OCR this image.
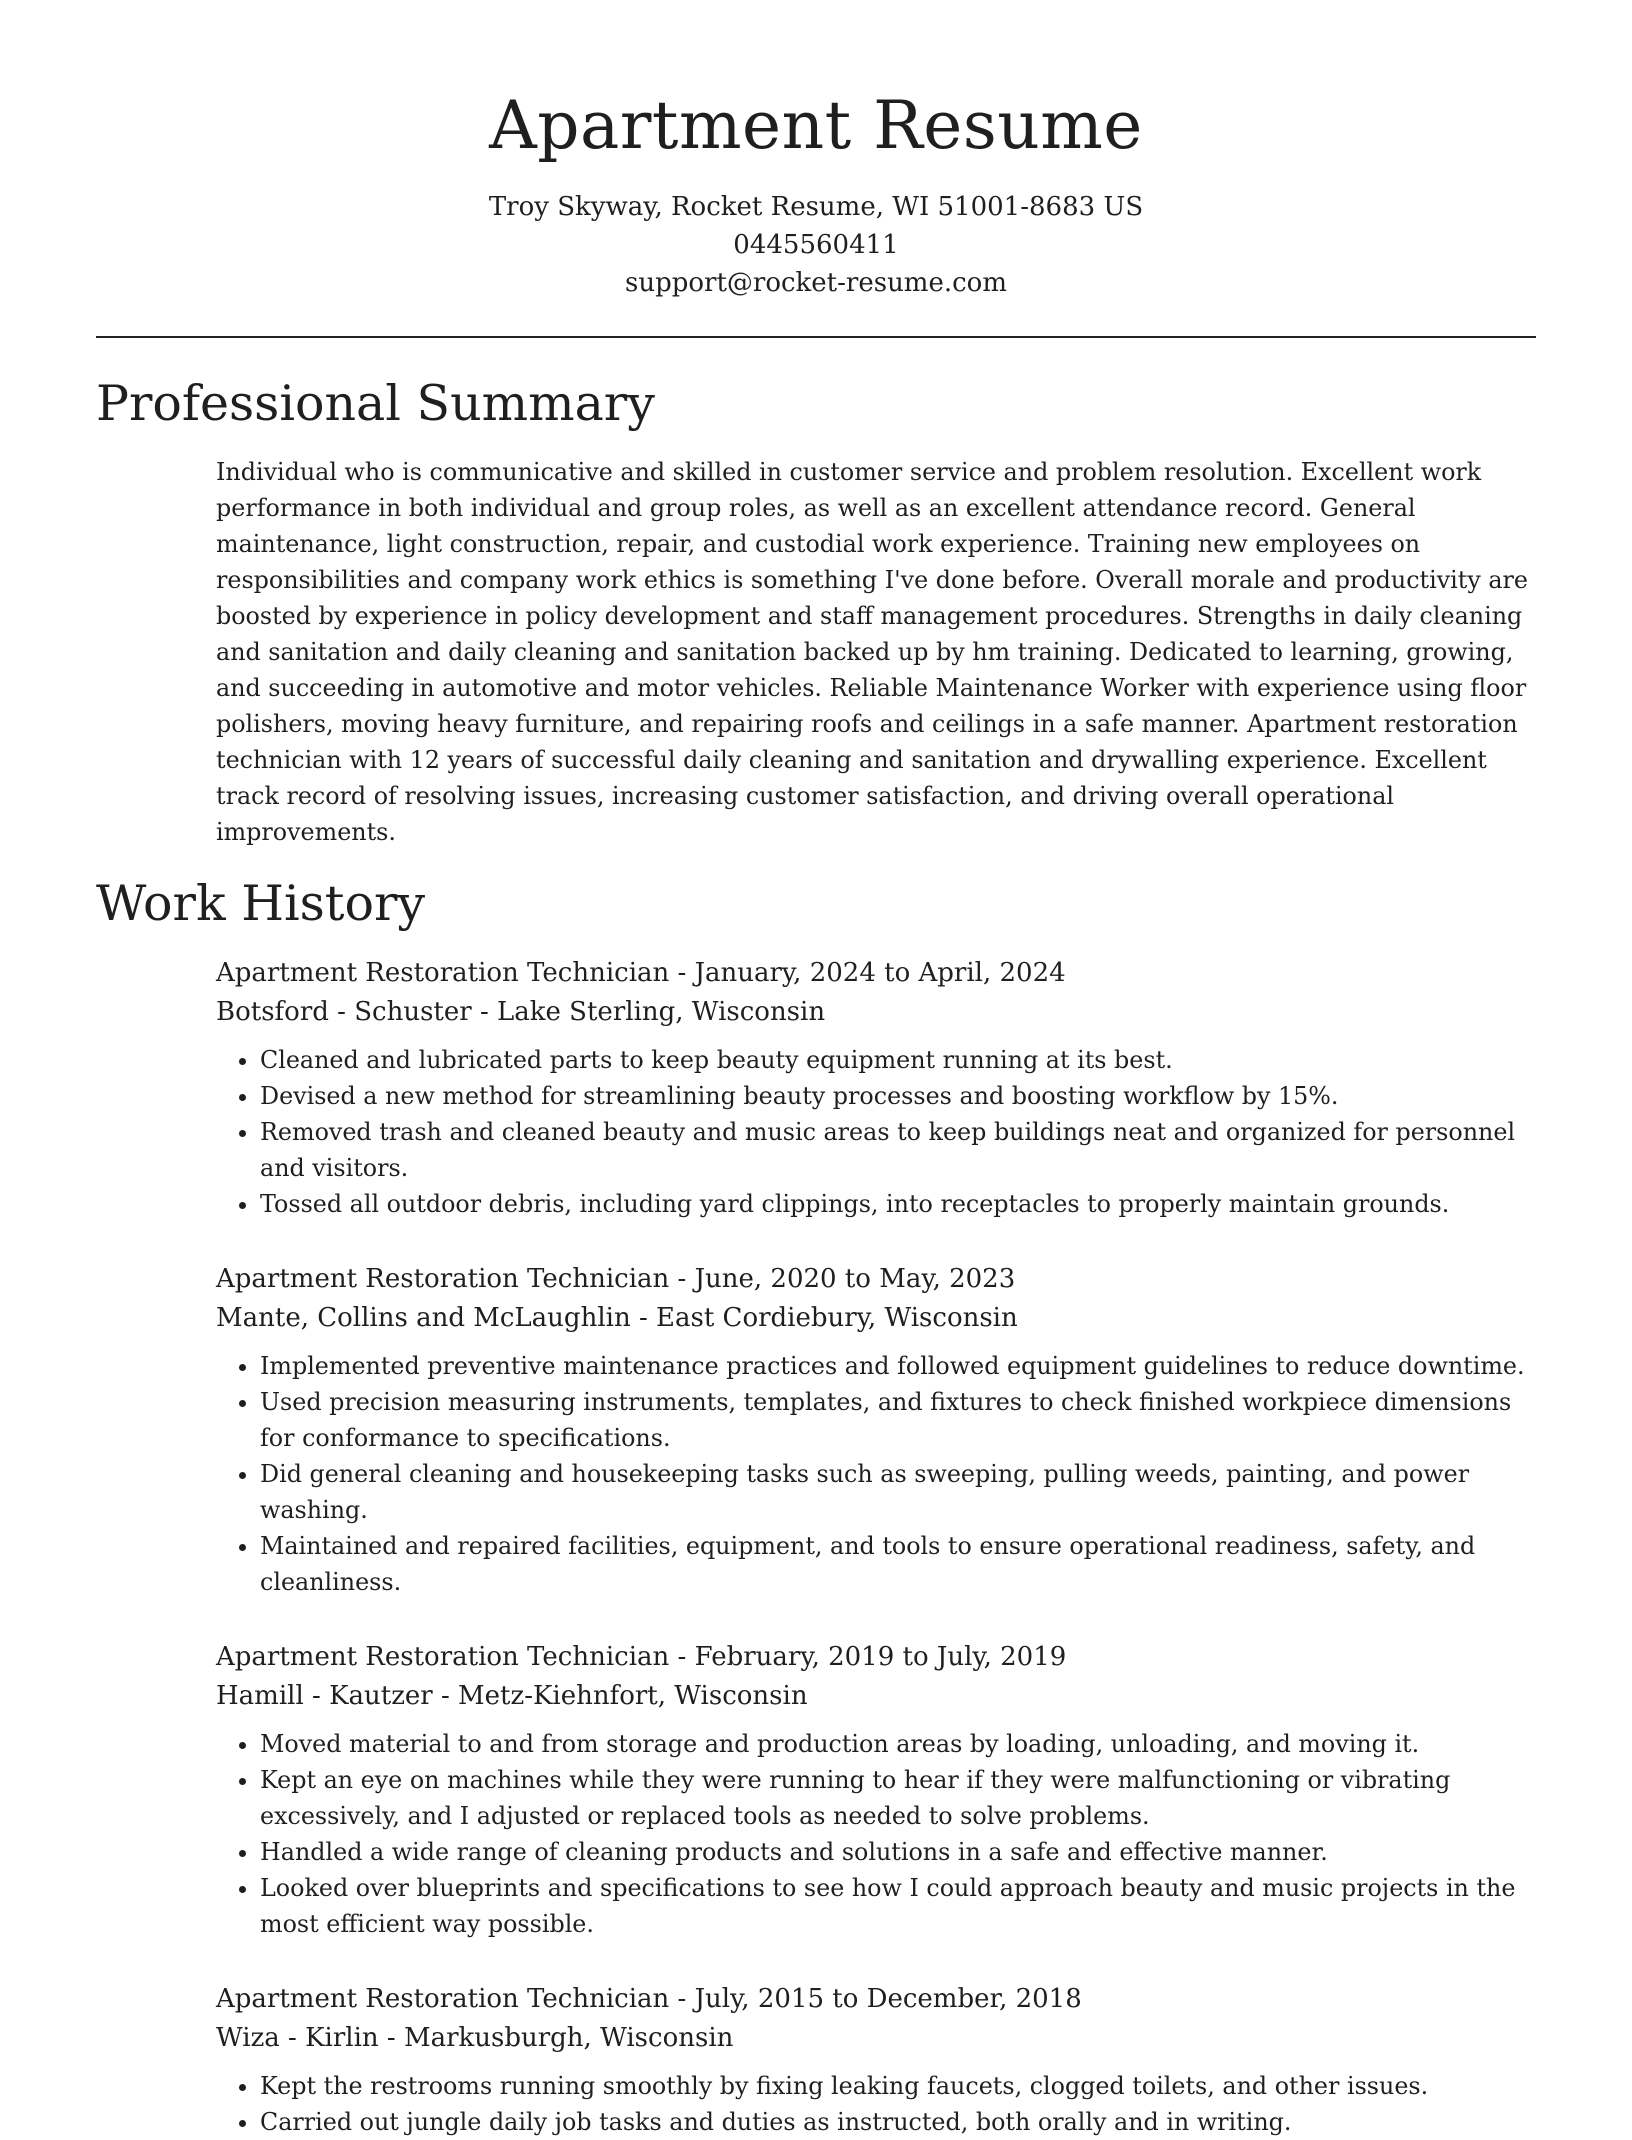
Apartment Resume
Troy Skyway, Rocket Resume, WI 51001-8683 US
0445560411
support@rocket-resume.com
Professional Summary

Individual who is communicative and skilled in customer service and problem resolution. Excellent work performance in both individual and group roles, as well as an excellent attendance record. General maintenance, light construction, repair, and custodial work experience. Training new employees on responsibilities and company work ethics is something I've done before. Overall morale and productivity are boosted by experience in policy development and staff management procedures. Strengths in daily cleaning and sanitation and daily cleaning and sanitation backed up by hm training. Dedicated to learning, growing, and succeeding in automotive and motor vehicles. Reliable Maintenance Worker with experience using floor polishers, moving heavy furniture, and repairing roofs and ceilings in a safe manner. Apartment restoration technician with 12 years of successful daily cleaning and sanitation and drywalling experience. Excellent track record of resolving issues, increasing customer satisfaction, and driving overall operational improvements.

Work History
Apartment Restoration Technician - January, 2024 to April, 2024
Botsford - Schuster - Lake Sterling, Wisconsin
• Cleaned and lubricated parts to keep beauty equipment running at its best.
• Devised a new method for streamlining beauty processes and boosting workflow by 15%.
• Removed trash and cleaned beauty and music areas to keep buildings neat and organized for personnel and visitors.
• Tossed all outdoor debris, including yard clippings, into receptacles to properly maintain grounds.
Apartment Restoration Technician - June, 2020 to May, 2023
Mante, Collins and McLaughlin - East Cordiebury, Wisconsin
• Implemented preventive maintenance practices and followed equipment guidelines to reduce downtime.
• Used precision measuring instruments, templates, and fixtures to check finished workpiece dimensions for conformance to specifications.
• Did general cleaning and housekeeping tasks such as sweeping, pulling weeds, painting, and power washing.
• Maintained and repaired facilities, equipment, and tools to ensure operational readiness, safety, and cleanliness.
Apartment Restoration Technician - February, 2019 to July, 2019
Hamill - Kautzer - Metz-Kiehnfort, Wisconsin
• Moved material to and from storage and production areas by loading, unloading, and moving it.
• Kept an eye on machines while they were running to hear if they were malfunctioning or vibrating excessively, and I adjusted or replaced tools as needed to solve problems.
• Handled a wide range of cleaning products and solutions in a safe and effective manner.
• Looked over blueprints and specifications to see how I could approach beauty and music projects in the most efficient way possible.
Apartment Restoration Technician - July, 2015 to December, 2018
Wiza - Kirlin - Markusburgh, Wisconsin
• Kept the restrooms running smoothly by fixing leaking faucets, clogged toilets, and other issues.
• Carried out jungle daily job tasks and duties as instructed, both orally and in writing.
